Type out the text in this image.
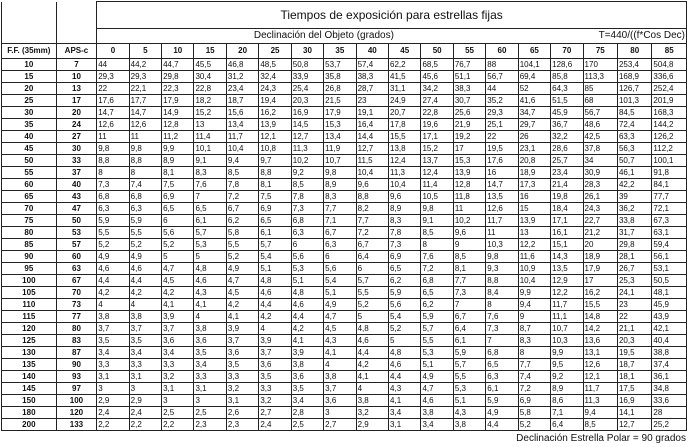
		Tiempos de exposición para estrellas fijas																	
		Declinación del Objeto (grados)														T=440/((f*Cos Dec)			
F.F. (35mm)	APS-c	0	5	10	15	20	25	30	35	40	45	50	55	60	65	70	75	80	85
10	7	44	44,2	44,7	45,5	46,8	48,5	50,8	53,7	57,4	62,2	68,5	76,7	88	104,1	128,6	170	253,4	504,8
15	10	29,3	29,3	29,8	30,4	31,2	32,4	33,9	35,8	38,3	41,5	45,6	51,1	56,7	69,4	85,8	113,3	168,9	336,6
20	13	22	22,1	22,3	22,8	23,4	24,3	25,4	26,8	28,7	31,1	34,2	38,3	44	52	64,3	85	126,7	252,4
25	17	17,6	17,7	17,9	18,2	18,7	19,4	20,3	21,5	23	24,9	27,4	30,7	35,2	41,6	51,5	68	101,3	201,9
30	20	14,7	14,7	14,9	15,2	15,6	16,2	16,9	17,9	19,1	20,7	22,8	25,6	29,3	34,7	45,9	56,7	84,5	168,3
35	24	12,6	12,6	12,8	13	13,4	13,9	14,5	15,3	16,4	17,8	19,6	21,9	25,1	29,7	36,7	48,6	72,4	144,2
40	27	11	11	11,2	11,4	11,7	12,1	12,7	13,4	14,4	15,5	17,1	19,2	22	26	32,2	42,5	63,3	126,2
45	30	9,8	9,8	9,9	10,1	10,4	10,8	11,3	11,9	12,7	13,8	15,2	17	19,5	23,1	28,6	37,8	56,3	112,2
50	33	8,8	8,8	8,9	9,1	9,4	9,7	10,2	10,7	11,5	12,4	13,7	15,3	17,6	20,8	25,7	34	50,7	100,1
55	37	8	8	8,1	8,3	8,5	8,8	9,2	9,8	10,4	11,3	12,4	13,9	16	18,9	23,4	30,9	46,1	91,8
60	40	7,3	7,4	7,5	7,6	7,8	8,1	8,5	8,9	9,6	10,4	11,4	12,8	14,7	17,3	21,4	28,3	42,2	84,1
65	43	6,8	6,8	6,9	7	7,2	7,5	7,8	8,3	8,8	9,6	10,5	11,8	13,5	16	19,8	26,1	39	77,7
70	47	6,3	6,3	6,5	6,5	6,7	6,9	7,3	7,7	8,2	8,9	9,8	11	12,6	15	18,4	24,3	36,2	72,1
75	50	5,9	5,9	6	6,1	6,2	6,5	6,8	7,1	7,7	8,3	9,1	10,2	11,7	13,9	17,1	22,7	33,8	67,3
80	53	5,5	5,5	5,6	5,7	5,8	6,1	6,3	6,7	7,2	7,8	8,5	9,6	11	13	16,1	21,2	31,7	63,1
85	57	5,2	5,2	5,2	5,3	5,5	5,7	6	6,3	6,7	7,3	8	9	10,3	12,2	15,1	20	29,8	59,4
90	60	4,9	4,9	5	5	5,2	5,4	5,6	6	6,4	6,9	7,6	8,5	9,8	11,6	14,3	18,9	28,1	56,1
95	63	4,6	4,6	4,7	4,8	4,9	5,1	5,3	5,6	6	6,5	7,2	8,1	9,3	10,9	13,5	17,9	26,7	53,1
100	67	4,4	4,4	4,5	4,6	4,7	4,8	5,1	5,4	5,7	6,2	6,8	7,7	8,8	10,4	12,9	17	25,3	50,5
105	70	4,2	4,2	4,2	4,3	4,5	4,6	4,8	5,1	5,5	5,9	6,5	7,3	8,4	9,9	12,2	16,2	24,1	48,1
110	73	4	4	4,1	4,1	4,2	4,4	4,6	4,9	5,2	5,6	6,2	7	8	9,4	11,7	15,5	23	45,9
115	77	3,8	3,8	3,9	4	4,1	4,2	4,4	4,7	5	5,4	5,9	6,7	7,6	9	11,1	14,8	22	43,9
120	80	3,7	3,7	3,7	3,8	3,9	4	4,2	4,5	4,8	5,2	5,7	6,4	7,3	8,7	10,7	14,2	21,1	42,1
125	83	3,5	3,5	3,6	3,6	3,7	3,9	4,1	4,3	4,6	5	5,5	6,1	7	8,3	10,3	13,6	20,3	40,4
130	87	3,4	3,4	3,4	3,5	3,6	3,7	3,9	4,1	4,4	4,8	5,3	5,9	6,8	8	9,9	13,1	19,5	38,8
135	90	3,3	3,3	3,3	3,4	3,5	3,6	3,8	4	4,2	4,6	5,1	5,7	6,5	7,7	9,5	12,6	18,7	37,4
140	93	3,1	3,1	3,2	3,3	3,3	3,5	3,6	3,8	4,1	4,4	4,9	5,5	6,3	7,4	9,2	12,1	18,1	36,1
145	97	3	3	3,1	3,1	3,2	3,3	3,5	3,7	4	4,3	4,7	5,3	6,1	7,2	8,9	11,7	17,5	34,8
150	100	2,9	2,9	3	3	3,1	3,2	3,4	3,6	3,8	4,1	4,6	5,1	5,9	6,9	8,6	11,3	16,9	33,6
180	120	2,4	2,4	2,5	2,5	2,6	2,7	2,8	3	3,2	3,4	3,8	4,3	4,9	5,8	7,1	9,4	14,1	28
200	133	2,2	2,2	2,2	2,3	2,3	2,4	2,5	2,7	2,9	3,1	3,4	3,8	4,4	5,2	6,4	8,5	12,7	25,2
Declinación Estrella Polar = 90 grados
